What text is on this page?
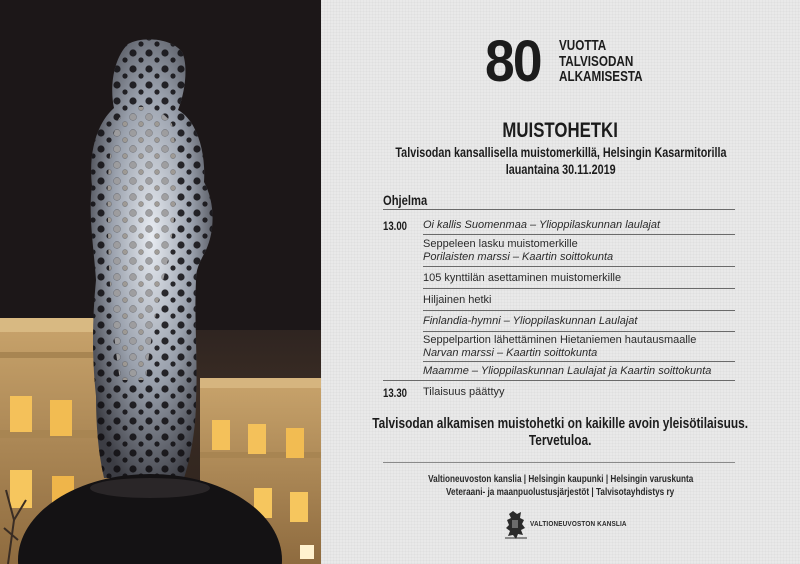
80 VUOTTA
TALVISODAN
ALKAMISESTA
MUISTOHETKI
Talvisodan kansallisella muistomerkillä, Helsingin Kasarmitorilla
lauantaina 30.11.2019
Ohjelma
13.00 Oi kallis Suomenmaa – Ylioppilaskunnan laulajat
Seppeleen lasku muistomerkille
Porilaisten marssi – Kaartin soittokunta
105 kynttilän asettaminen muistomerkille
Hiljainen hetki
Finlandia-hymni – Ylioppilaskunnan Laulajat
Seppelpartion lähettäminen Hietaniemen hautausmaalle
Narvan marssi – Kaartin soittokunta
Maamme – Ylioppilaskunnan Laulajat ja Kaartin soittokunta
13.30 Tilaisuus päättyy
Talvisodan alkamisen muistohetki on kaikille avoin yleisötilaisuus.
Tervetuloa.
Valtioneuvoston kanslia | Helsingin kaupunki | Helsingin varuskunta
Veteraani- ja maanpuolustusjärjestöt | Talvisotayhdistys ry
VALTIONEUVOSTON KANSLIA
